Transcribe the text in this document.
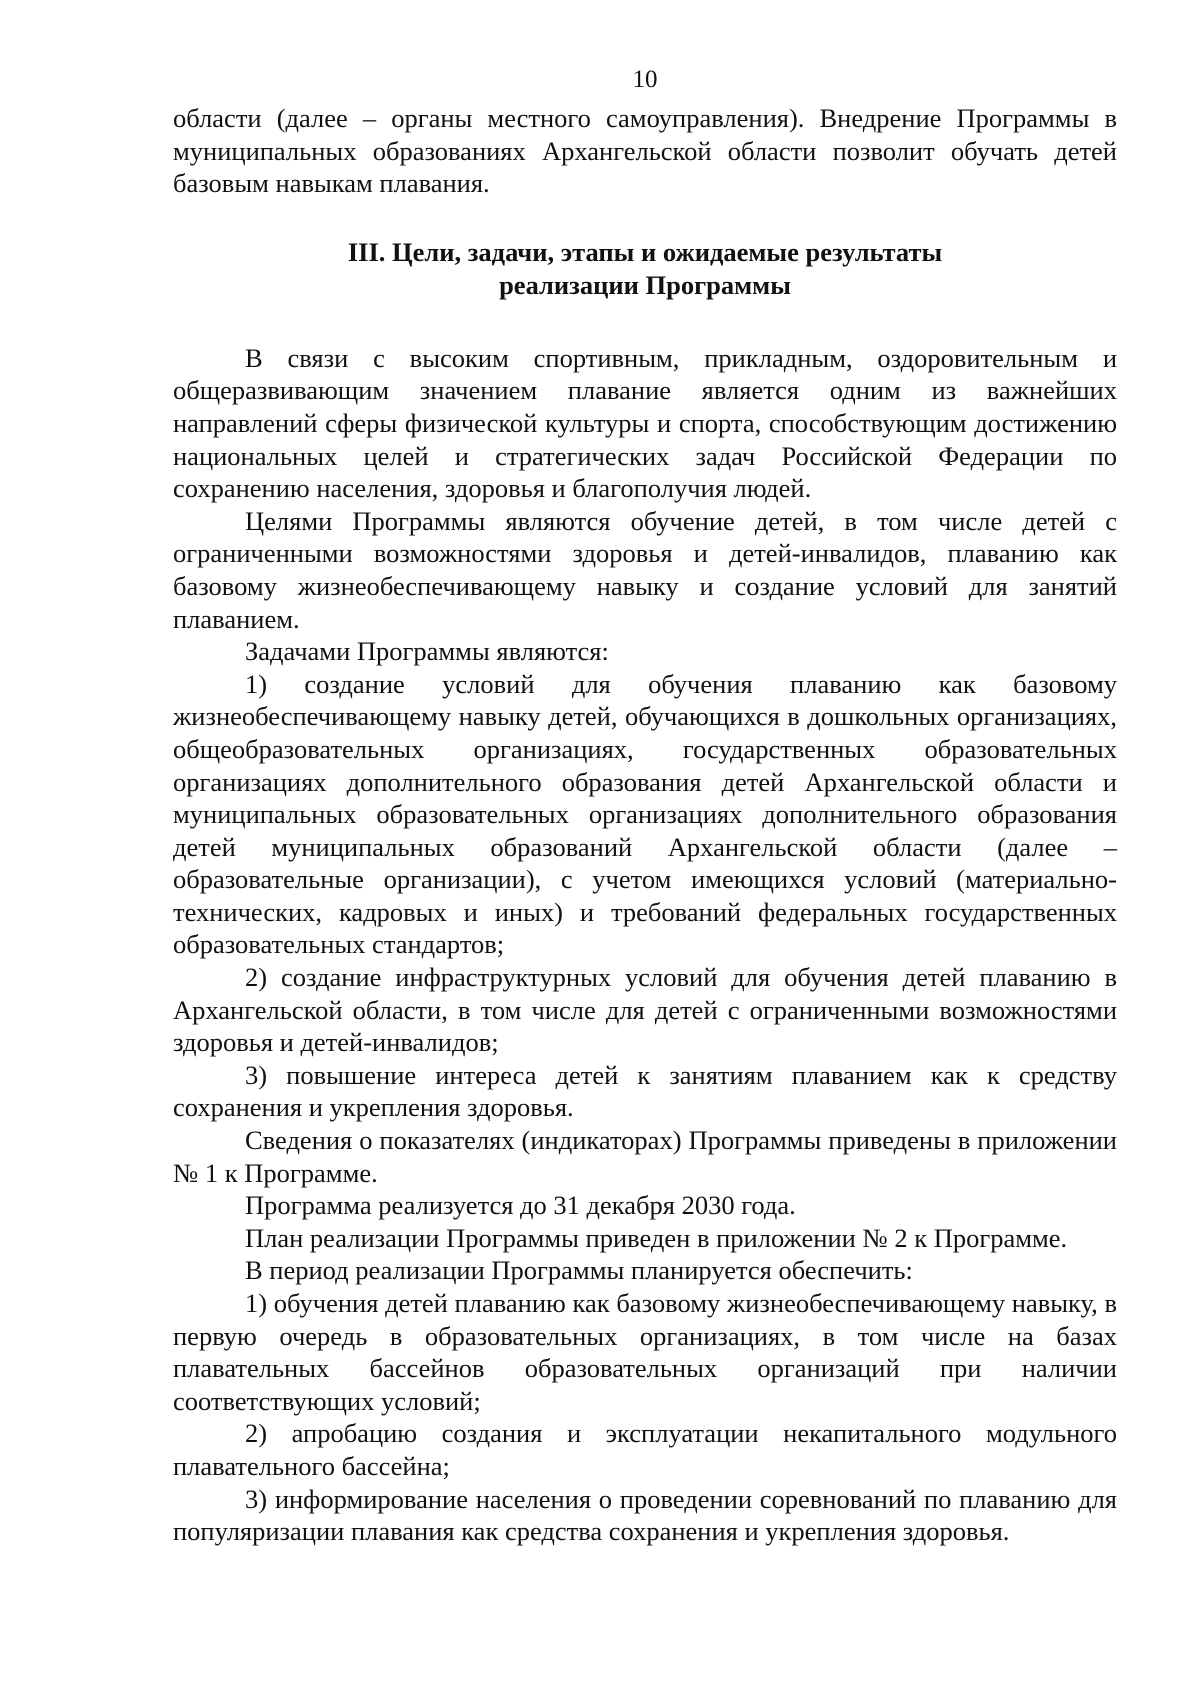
10

области (далее – органы местного самоуправления). Внедрение Программы в муниципальных образованиях Архангельской области позволит обучать детей базовым навыкам плавания.

III. Цели, задачи, этапы и ожидаемые результаты
реализации Программы

В связи с высоким спортивным, прикладным, оздоровительным и общеразвивающим значением плавание является одним из важнейших направлений сферы физической культуры и спорта, способствующим достижению национальных целей и стратегических задач Российской Федерации по сохранению населения, здоровья и благополучия людей.

Целями Программы являются обучение детей, в том числе детей с ограниченными возможностями здоровья и детей-инвалидов, плаванию как базовому жизнеобеспечивающему навыку и создание условий для занятий плаванием.

Задачами Программы являются:

1) создание условий для обучения плаванию как базовому жизнеобеспечивающему навыку детей, обучающихся в дошкольных организациях, общеобразовательных организациях, государственных образовательных организациях дополнительного образования детей Архангельской области и муниципальных образовательных организациях дополнительного образования детей муниципальных образований Архангельской области (далее – образовательные организации), с учетом имеющихся условий (материально-технических, кадровых и иных) и требований федеральных государственных образовательных стандартов;

2) создание инфраструктурных условий для обучения детей плаванию в Архангельской области, в том числе для детей с ограниченными возможностями здоровья и детей-инвалидов;

3) повышение интереса детей к занятиям плаванием как к средству сохранения и укрепления здоровья.

Сведения о показателях (индикаторах) Программы приведены в приложении № 1 к Программе.

Программа реализуется до 31 декабря 2030 года.

План реализации Программы приведен в приложении № 2 к Программе.

В период реализации Программы планируется обеспечить:

1) обучения детей плаванию как базовому жизнеобеспечивающему навыку, в первую очередь в образовательных организациях, в том числе на базах плавательных бассейнов образовательных организаций при наличии соответствующих условий;

2) апробацию создания и эксплуатации некапитального модульного плавательного бассейна;

3) информирование населения о проведении соревнований по плаванию для популяризации плавания как средства сохранения и укрепления здоровья.
